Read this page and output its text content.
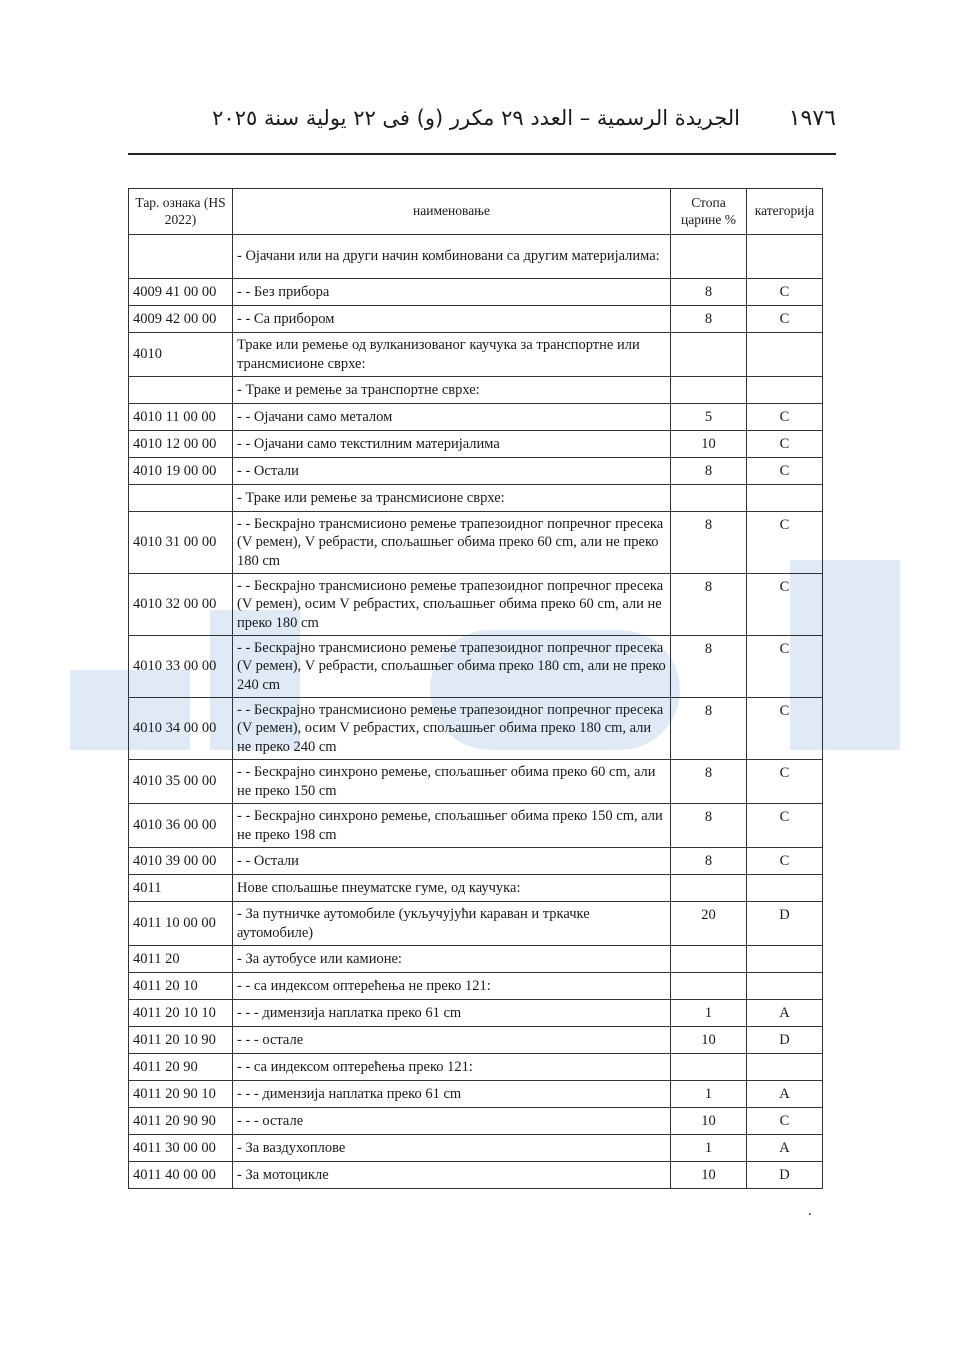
١٩٧٦
الجريدة الرسمية – العدد ٢٩ مكرر (و) فى ٢٢ يولية سنة ٢٠٢٥
Тар. ознака (HS 2022)	наименовање	Стопа царине %	категорија
	- Ојачани или на други начин комбиновани са другим материјалима:		
4009 41 00 00	- - Без прибора	8	C
4009 42 00 00	- - Са прибором	8	C
4010	Траке или ремење од вулканизованог каучука за транспортне или трансмисионе сврхе:		
	- Траке и ремење за транспортне сврхе:		
4010 11 00 00	- - Ојачани само металом	5	C
4010 12 00 00	- - Ојачани само текстилним материјалима	10	C
4010 19 00 00	- - Остали	8	C
	- Траке или ремење за трансмисионе сврхе:		
4010 31 00 00	- - Бескрајно трансмисионо ремење трапезоидног попречног пресека (V ремен), V ребрасти, спољашњег обима преко 60 cm, али не преко 180 cm	8	C
4010 32 00 00	- - Бескрајно трансмисионо ремење трапезоидног попречног пресека (V ремен), осим V ребрастих, спољашњег обима преко 60 cm, али не преко 180 cm	8	C
4010 33 00 00	- - Бескрајно трансмисионо ремење трапезоидног попречног пресека (V ремен), V ребрасти, спољашњег обима преко 180 cm, али не преко 240 cm	8	C
4010 34 00 00	- - Бескрајно трансмисионо ремење трапезоидног попречног пресека (V ремен), осим V ребрастих, спољашњег обима преко 180 cm, али не преко 240 cm	8	C
4010 35 00 00	- - Бескрајно синхроно ремење, спољашњег обима преко 60 cm, али не преко 150 cm	8	C
4010 36 00 00	- - Бескрајно синхроно ремење, спољашњег обима преко 150 cm, али не преко 198 cm	8	C
4010 39 00 00	- - Остали	8	C
4011	Нове спољашње пнеуматске гуме, од каучука:		
4011 10 00 00	- За путничке аутомобиле (укључујући караван и тркачке аутомобиле)	20	D
4011 20	- За аутобусе или камионе:		
4011 20 10	- - са индексом оптерећења не преко 121:		
4011 20 10 10	- - - димензија наплатка преко 61 cm	1	A
4011 20 10 90	- - - остале	10	D
4011 20 90	- - са индексом оптерећења преко 121:		
4011 20 90 10	- - - димензија наплатка преко 61 cm	1	A
4011 20 90 90	- - - остале	10	C
4011 30 00 00	- За ваздухоплове	1	A
4011 40 00 00	- За мотоцикле	10	D
٠
